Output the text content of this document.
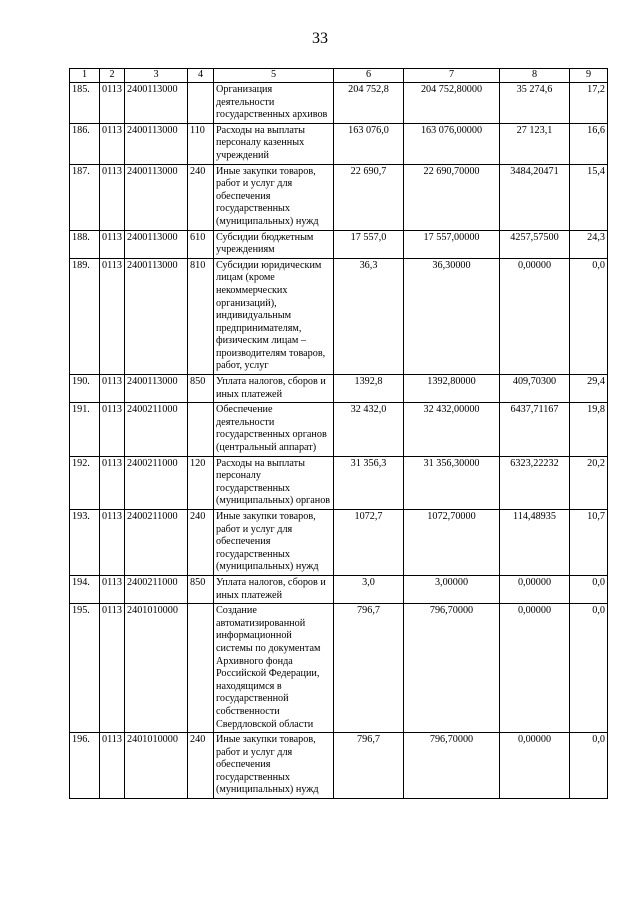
33
1	2	3	4	5	6	7	8	9
185.	0113	2400113000		Организация деятельности государственных архивов	204 752,8	204 752,80000	35 274,6	17,2
186.	0113	2400113000	110	Расходы на выплаты персоналу казенных учреждений	163 076,0	163 076,00000	27 123,1	16,6
187.	0113	2400113000	240	Иные закупки товаров, работ и услуг для обеспечения государственных (муниципальных) нужд	22 690,7	22 690,70000	3484,20471	15,4
188.	0113	2400113000	610	Субсидии бюджетным учреждениям	17 557,0	17 557,00000	4257,57500	24,3
189.	0113	2400113000	810	Субсидии юридическим лицам (кроме некоммерческих организаций), индивидуальным предпринимателям, физическим лицам – производителям товаров, работ, услуг	36,3	36,30000	0,00000	0,0
190.	0113	2400113000	850	Уплата налогов, сборов и иных платежей	1392,8	1392,80000	409,70300	29,4
191.	0113	2400211000		Обеспечение деятельности государственных органов (центральный аппарат)	32 432,0	32 432,00000	6437,71167	19,8
192.	0113	2400211000	120	Расходы на выплаты персоналу государственных (муниципальных) органов	31 356,3	31 356,30000	6323,22232	20,2
193.	0113	2400211000	240	Иные закупки товаров, работ и услуг для обеспечения государственных (муниципальных) нужд	1072,7	1072,70000	114,48935	10,7
194.	0113	2400211000	850	Уплата налогов, сборов и иных платежей	3,0	3,00000	0,00000	0,0
195.	0113	2401010000		Создание автоматизированной информационной системы по документам Архивного фонда Российской Федерации, находящимся в государственной собственности Свердловской области	796,7	796,70000	0,00000	0,0
196.	0113	2401010000	240	Иные закупки товаров, работ и услуг для обеспечения государственных (муниципальных) нужд	796,7	796,70000	0,00000	0,0
